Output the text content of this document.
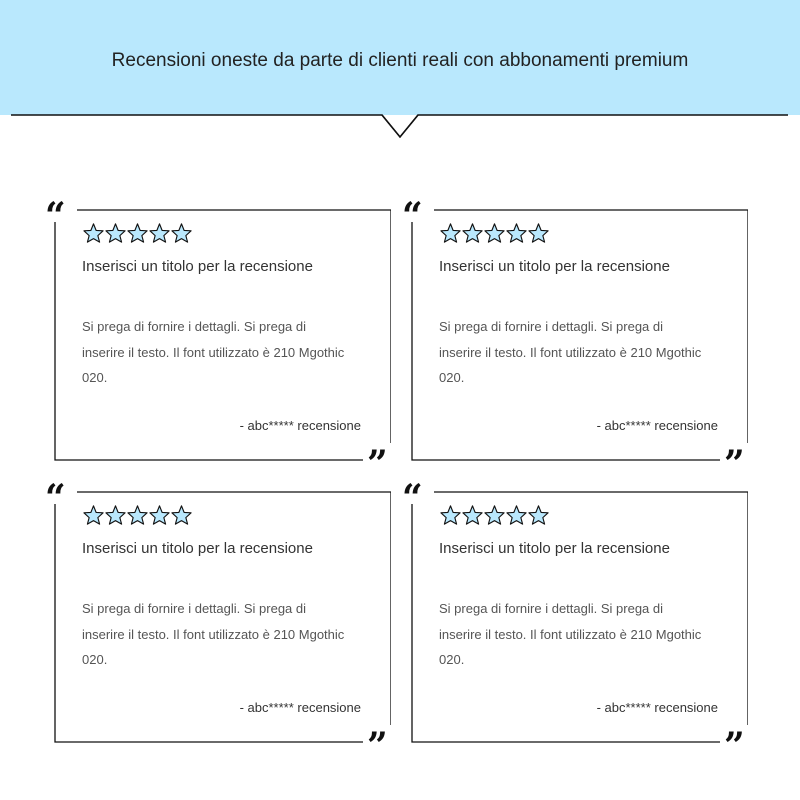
Recensioni oneste da parte di clienti reali con abbonamenti premium
“
”
Inserisci un titolo per la recensione
Si prega di fornire i dettagli. Si prega di inserire il testo. Il font utilizzato è 210 Mgothic 020.
- abc***** recensione
“
”
Inserisci un titolo per la recensione
Si prega di fornire i dettagli. Si prega di inserire il testo. Il font utilizzato è 210 Mgothic 020.
- abc***** recensione
“
”
Inserisci un titolo per la recensione
Si prega di fornire i dettagli. Si prega di inserire il testo. Il font utilizzato è 210 Mgothic 020.
- abc***** recensione
“
”
Inserisci un titolo per la recensione
Si prega di fornire i dettagli. Si prega di inserire il testo. Il font utilizzato è 210 Mgothic 020.
- abc***** recensione
